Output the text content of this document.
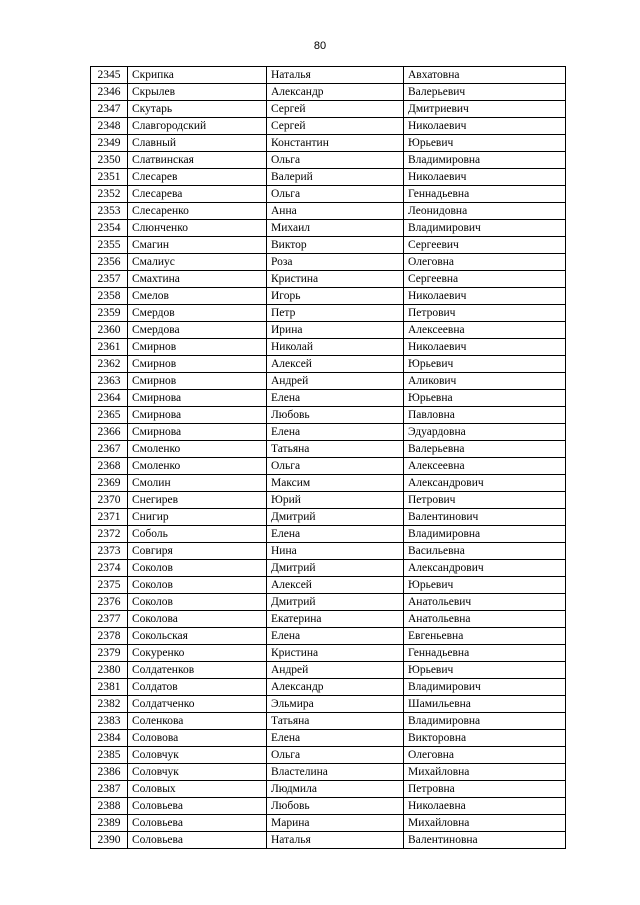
80
2345	Скрипка	Наталья	Авхатовна
2346	Скрылев	Александр	Валерьевич
2347	Скутарь	Сергей	Дмитриевич
2348	Славгородский	Сергей	Николаевич
2349	Славный	Константин	Юрьевич
2350	Слатвинская	Ольга	Владимировна
2351	Слесарев	Валерий	Николаевич
2352	Слесарева	Ольга	Геннадьевна
2353	Слесаренко	Анна	Леонидовна
2354	Слюнченко	Михаил	Владимирович
2355	Смагин	Виктор	Сергеевич
2356	Смалиус	Роза	Олеговна
2357	Смахтина	Кристина	Сергеевна
2358	Смелов	Игорь	Николаевич
2359	Смердов	Петр	Петрович
2360	Смердова	Ирина	Алексеевна
2361	Смирнов	Николай	Николаевич
2362	Смирнов	Алексей	Юрьевич
2363	Смирнов	Андрей	Аликович
2364	Смирнова	Елена	Юрьевна
2365	Смирнова	Любовь	Павловна
2366	Смирнова	Елена	Эдуардовна
2367	Смоленко	Татьяна	Валерьевна
2368	Смоленко	Ольга	Алексеевна
2369	Смолин	Максим	Александрович
2370	Снегирев	Юрий	Петрович
2371	Снигир	Дмитрий	Валентинович
2372	Соболь	Елена	Владимировна
2373	Совгиря	Нина	Васильевна
2374	Соколов	Дмитрий	Александрович
2375	Соколов	Алексей	Юрьевич
2376	Соколов	Дмитрий	Анатольевич
2377	Соколова	Екатерина	Анатольевна
2378	Сокольская	Елена	Евгеньевна
2379	Сокуренко	Кристина	Геннадьевна
2380	Солдатенков	Андрей	Юрьевич
2381	Солдатов	Александр	Владимирович
2382	Солдатченко	Эльмира	Шамильевна
2383	Соленкова	Татьяна	Владимировна
2384	Соловова	Елена	Викторовна
2385	Соловчук	Ольга	Олеговна
2386	Соловчук	Властелина	Михайловна
2387	Соловых	Людмила	Петровна
2388	Соловьева	Любовь	Николаевна
2389	Соловьева	Марина	Михайловна
2390	Соловьева	Наталья	Валентиновна
